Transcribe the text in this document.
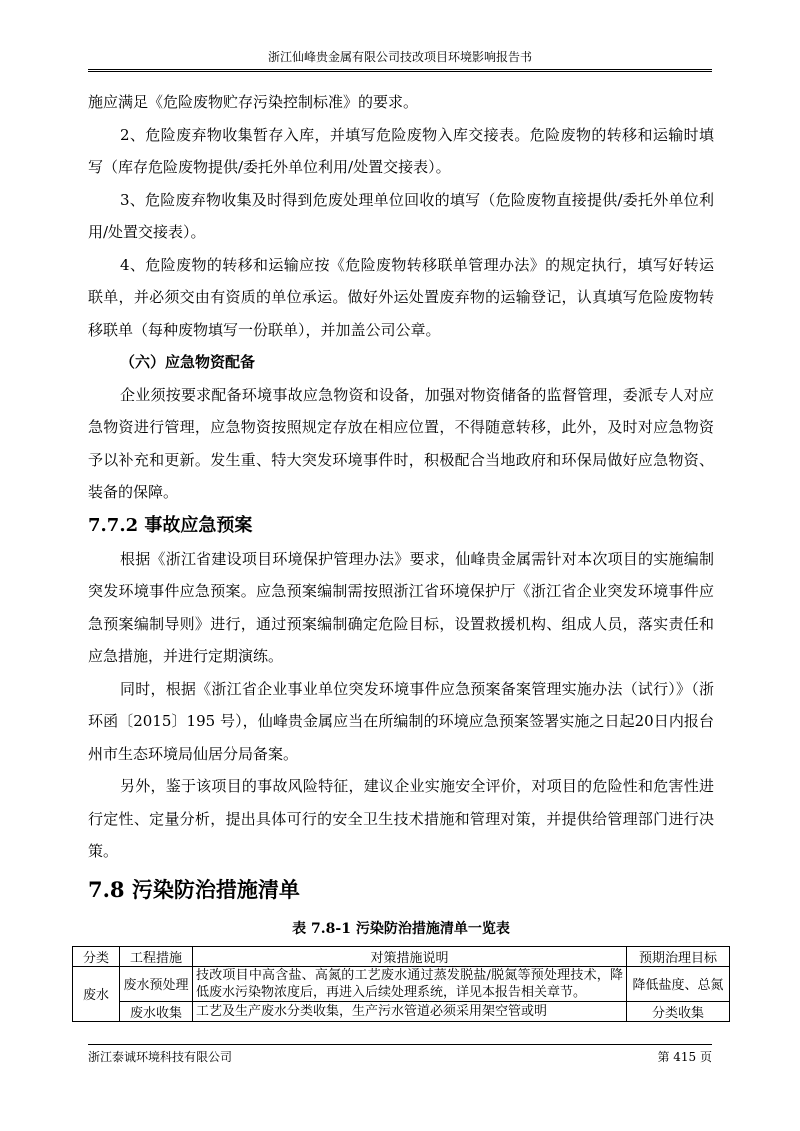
浙江仙峰贵金属有限公司技改项目环境影响报告书

施应满足《危险废物贮存污染控制标准》的要求。

2、危险废弃物收集暂存入库，并填写危险废物入库交接表。危险废物的转移和运输时填写（库存危险废物提供/委托外单位利用/处置交接表）。

3、危险废弃物收集及时得到危废处理单位回收的填写（危险废物直接提供/委托外单位利用/处置交接表）。

4、危险废物的转移和运输应按《危险废物转移联单管理办法》的规定执行，填写好转运联单，并必须交由有资质的单位承运。做好外运处置废弃物的运输登记，认真填写危险废物转移联单（每种废物填写一份联单），并加盖公司公章。

（六）应急物资配备

企业须按要求配备环境事故应急物资和设备，加强对物资储备的监督管理，委派专人对应急物资进行管理，应急物资按照规定存放在相应位置，不得随意转移，此外，及时对应急物资予以补充和更新。发生重、特大突发环境事件时，积极配合当地政府和环保局做好应急物资、装备的保障。

7.7.2 事故应急预案

根据《浙江省建设项目环境保护管理办法》要求，仙峰贵金属需针对本次项目的实施编制突发环境事件应急预案。应急预案编制需按照浙江省环境保护厅《浙江省企业突发环境事件应急预案编制导则》进行，通过预案编制确定危险目标，设置救援机构、组成人员，落实责任和应急措施，并进行定期演练。

同时，根据《浙江省企业事业单位突发环境事件应急预案备案管理实施办法（试行）》（浙环函〔2015〕195 号），仙峰贵金属应当在所编制的环境应急预案签署实施之日起20日内报台州市生态环境局仙居分局备案。

另外，鉴于该项目的事故风险特征，建议企业实施安全评价，对项目的危险性和危害性进行定性、定量分析，提出具体可行的安全卫生技术措施和管理对策，并提供给管理部门进行决策。

7.8 污染防治措施清单
表 7.8-1 污染防治措施清单一览表
分类	工程措施	对策措施说明	预期治理目标
废水	废水预处理	技改项目中高含盐、高氮的工艺废水通过蒸发脱盐/脱氮等预处理技术，降低废水污染物浓度后，再进入后续处理系统，详见本报告相关章节。	降低盐度、总氮
	废水收集	工艺及生产废水分类收集，生产污水管道必须采用架空管或明	分类收集
浙江泰诚环境科技有限公司	第 415 页
